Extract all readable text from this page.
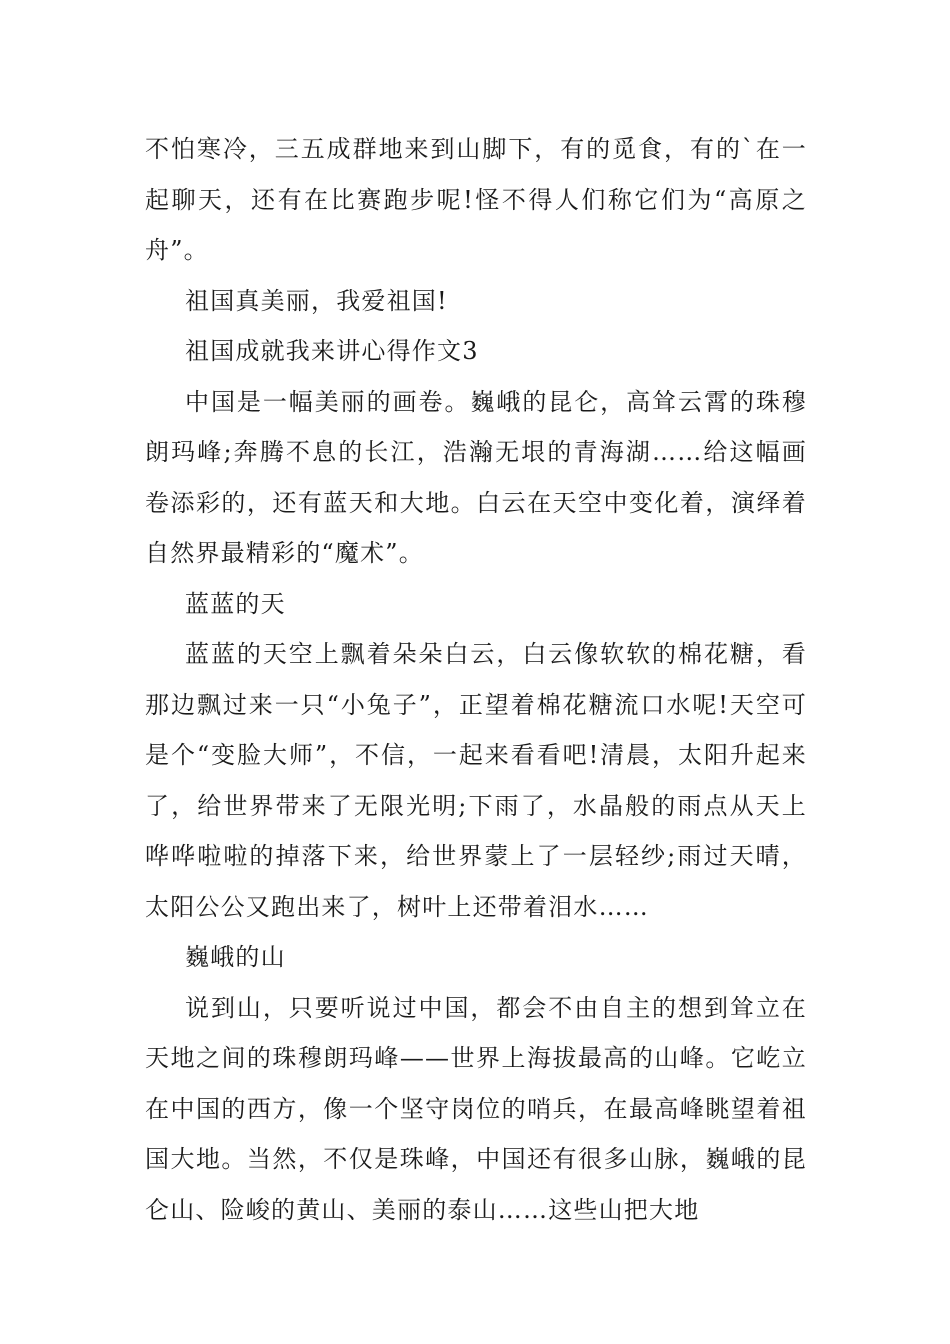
不怕寒冷，三五成群地来到山脚下，有的觅食，有的`在一起聊天，还有在比赛跑步呢!怪不得人们称它们为“高原之舟”。

祖国真美丽，我爱祖国!

祖国成就我来讲心得作文3

中国是一幅美丽的画卷。巍峨的昆仑，高耸云霄的珠穆朗玛峰;奔腾不息的长江，浩瀚无垠的青海湖……给这幅画卷添彩的，还有蓝天和大地。白云在天空中变化着，演绎着自然界最精彩的“魔术”。

蓝蓝的天

蓝蓝的天空上飘着朵朵白云，白云像软软的棉花糖，看那边飘过来一只“小兔子”，正望着棉花糖流口水呢!天空可是个“变脸大师”，不信，一起来看看吧!清晨，太阳升起来了，给世界带来了无限光明;下雨了，水晶般的雨点从天上哗哗啦啦的掉落下来，给世界蒙上了一层轻纱;雨过天晴，太阳公公又跑出来了，树叶上还带着泪水……

巍峨的山

说到山，只要听说过中国，都会不由自主的想到耸立在天地之间的珠穆朗玛峰——世界上海拔最高的山峰。它屹立在中国的西方，像一个坚守岗位的哨兵，在最高峰眺望着祖国大地。当然，不仅是珠峰，中国还有很多山脉，巍峨的昆仑山、险峻的黄山、美丽的泰山……这些山把大地
